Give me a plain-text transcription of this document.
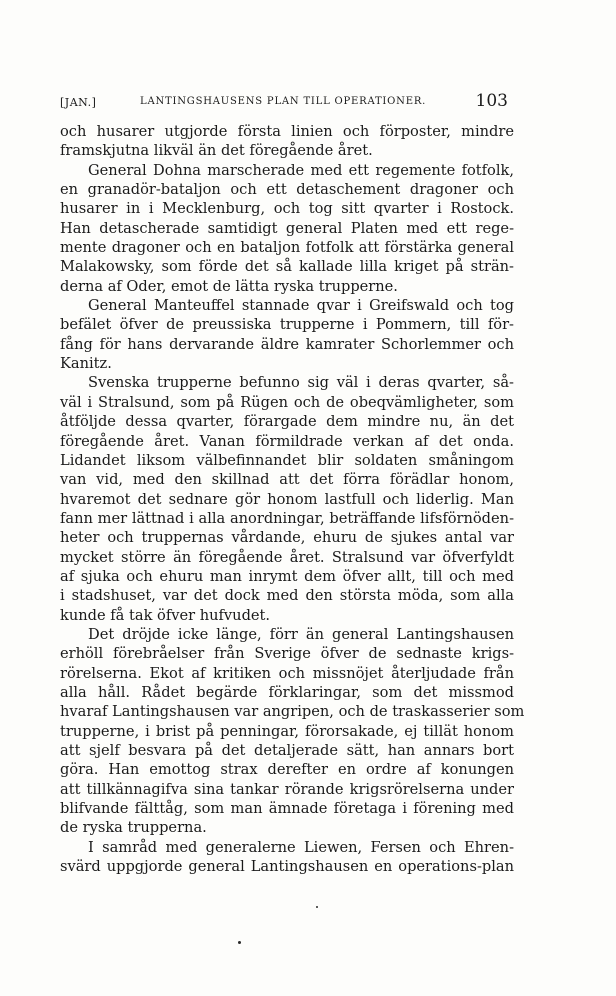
[JAN.]	LANTINGSHAUSENS PLAN TILL OPERATIONER.	103
och husarer utgjorde första linien och förposter, mindre
framskjutna likväl än det föregående året.
General Dohna marscherade med ett regemente fotfolk,
en granadör-bataljon och ett detaschement dragoner och
husarer in i Mecklenburg, och tog sitt qvarter i Rostock.
Han detascherade samtidigt general Platen med ett rege-
mente dragoner och en bataljon fotfolk att förstärka general
Malakowsky, som förde det så kallade lilla kriget på strän-
derna af Oder, emot de lätta ryska trupperne.
General Manteuffel stannade qvar i Greifswald och tog
befälet öfver de preussiska trupperne i Pommern, till för-
fång för hans dervarande äldre kamrater Schorlemmer och
Kanitz.
Svenska trupperne befunno sig väl i deras qvarter, så-
väl i Stralsund, som på Rügen och de obeqvämligheter, som
åtföljde dessa qvarter, förargade dem mindre nu, än det
föregående året. Vanan förmildrade verkan af det onda.
Lidandet liksom välbefinnandet blir soldaten småningom
van vid, med den skillnad att det förra förädlar honom,
hvaremot det sednare gör honom lastfull och liderlig. Man
fann mer lättnad i alla anordningar, beträffande lifsförnöden-
heter och truppernas vårdande, ehuru de sjukes antal var
mycket större än föregående året. Stralsund var öfverfyldt
af sjuka och ehuru man inrymt dem öfver allt, till och med
i stadshuset, var det dock med den största möda, som alla
kunde få tak öfver hufvudet.
Det dröjde icke länge, förr än general Lantingshausen
erhöll förebråelser från Sverige öfver de sednaste krigs-
rörelserna. Ekot af kritiken och missnöjet återljudade från
alla håll. Rådet begärde förklaringar, som det missmod
hvaraf Lantingshausen var angripen, och de traskasserier som
trupperne, i brist på penningar, förorsakade, ej tillät honom
att sjelf besvara på det detaljerade sätt, han annars bort
göra. Han emottog strax derefter en ordre af konungen
att tillkännagifva sina tankar rörande krigsrörelserna under
blifvande fälttåg, som man ämnade företaga i förening med
de ryska trupperna.
I samråd med generalerne Liewen, Fersen och Ehren-
svärd uppgjorde general Lantingshausen en operations-plan
